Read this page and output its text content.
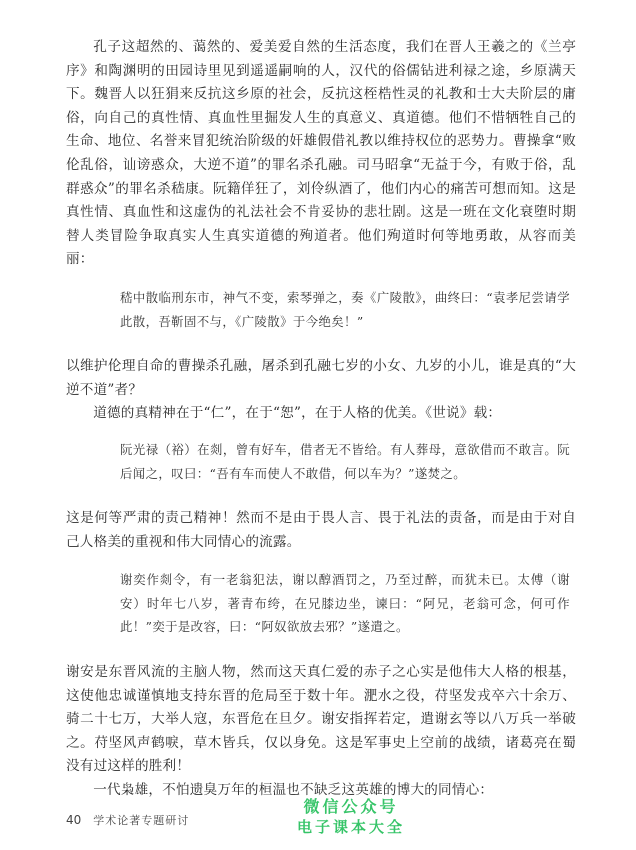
孔子这超然的、蔼然的、爱美爱自然的生活态度，我们在晋人王羲之的《兰亭序》和陶渊明的田园诗里见到遥遥嗣响的人，汉代的俗儒钻进利禄之途，乡原满天下。魏晋人以狂狷来反抗这乡原的社会，反抗这桎梏性灵的礼教和士大夫阶层的庸俗，向自己的真性情、真血性里掘发人生的真意义、真道德。他们不惜牺牲自己的生命、地位、名誉来冒犯统治阶级的奸雄假借礼教以维持权位的恶势力。曹操拿“败伦乱俗，讪谤惑众，大逆不道”的罪名杀孔融。司马昭拿“无益于今，有败于俗，乱群惑众”的罪名杀嵇康。阮籍佯狂了，刘伶纵酒了，他们内心的痛苦可想而知。这是真性情、真血性和这虚伪的礼法社会不肯妥协的悲壮剧。这是一班在文化衰堕时期替人类冒险争取真实人生真实道德的殉道者。他们殉道时何等地勇敢，从容而美丽：

嵇中散临刑东市，神气不变，索琴弹之，奏《广陵散》，曲终曰：“袁孝尼尝请学此散，吾靳固不与，《广陵散》于今绝矣！”

以维护伦理自命的曹操杀孔融，屠杀到孔融七岁的小女、九岁的小儿，谁是真的“大逆不道”者？

道德的真精神在于“仁”，在于“恕”，在于人格的优美。《世说》载：

阮光禄（裕）在剡，曾有好车，借者无不皆给。有人葬母，意欲借而不敢言。阮后闻之，叹曰：“吾有车而使人不敢借，何以车为？”遂焚之。

这是何等严肃的责己精神！然而不是由于畏人言、畏于礼法的责备，而是由于对自己人格美的重视和伟大同情心的流露。

谢奕作剡令，有一老翁犯法，谢以醇酒罚之，乃至过醉，而犹未已。太傅（谢安）时年七八岁，著青布绔，在兄膝边坐，谏曰：“阿兄，老翁可念，何可作此！”奕于是改容，曰：“阿奴欲放去邪？”遂遣之。

谢安是东晋风流的主脑人物，然而这天真仁爱的赤子之心实是他伟大人格的根基，这使他忠诚谨慎地支持东晋的危局至于数十年。淝水之役，苻坚发戎卒六十余万、骑二十七万，大举人寇，东晋危在旦夕。谢安指挥若定，遣谢玄等以八万兵一举破之。苻坚风声鹤唳，草木皆兵，仅以身免。这是军事史上空前的战绩，诸葛亮在蜀没有过这样的胜利！

一代枭雄，不怕遗臭万年的桓温也不缺乏这英雄的博大的同情心：

40 学术论著专题研讨
微信公众号
电子课本大全
